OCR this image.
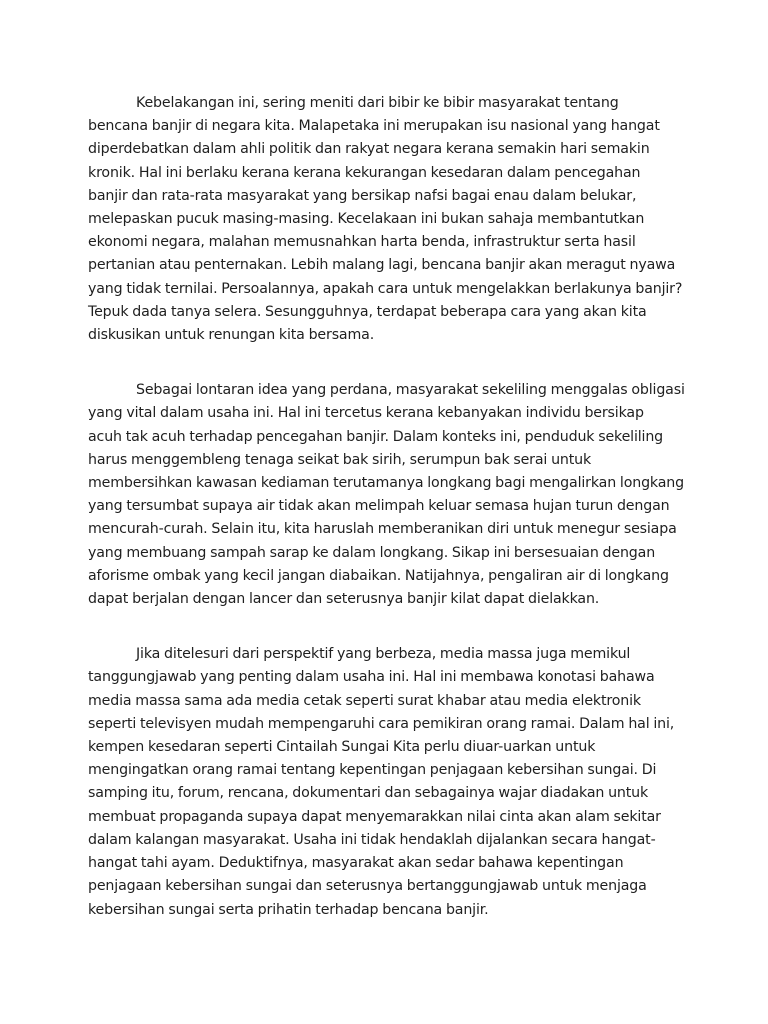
Kebelakangan ini, sering meniti dari bibir ke bibir masyarakat tentang
bencana banjir di negara kita. Malapetaka ini merupakan isu nasional yang hangat
diperdebatkan dalam ahli politik dan rakyat negara kerana semakin hari semakin
kronik. Hal ini berlaku kerana kerana kekurangan kesedaran dalam pencegahan
banjir dan rata-rata masyarakat yang bersikap nafsi bagai enau dalam belukar,
melepaskan pucuk masing-masing. Kecelakaan ini bukan sahaja membantutkan
ekonomi negara, malahan memusnahkan harta benda, infrastruktur serta hasil
pertanian atau penternakan. Lebih malang lagi, bencana banjir akan meragut nyawa
yang tidak ternilai. Persoalannya, apakah cara untuk mengelakkan berlakunya banjir?
Tepuk dada tanya selera. Sesungguhnya, terdapat beberapa cara yang akan kita
diskusikan untuk renungan kita bersama.

Sebagai lontaran idea yang perdana, masyarakat sekeliling menggalas obligasi
yang vital dalam usaha ini. Hal ini tercetus kerana kebanyakan individu bersikap
acuh tak acuh terhadap pencegahan banjir. Dalam konteks ini, penduduk sekeliling
harus menggembleng tenaga seikat bak sirih, serumpun bak serai untuk
membersihkan kawasan kediaman terutamanya longkang bagi mengalirkan longkang
yang tersumbat supaya air tidak akan melimpah keluar semasa hujan turun dengan
mencurah-curah. Selain itu, kita haruslah memberanikan diri untuk menegur sesiapa
yang membuang sampah sarap ke dalam longkang. Sikap ini bersesuaian dengan
aforisme ombak yang kecil jangan diabaikan. Natijahnya, pengaliran air di longkang
dapat berjalan dengan lancer dan seterusnya banjir kilat dapat dielakkan.

Jika ditelesuri dari perspektif yang berbeza, media massa juga memikul
tanggungjawab yang penting dalam usaha ini. Hal ini membawa konotasi bahawa
media massa sama ada media cetak seperti surat khabar atau media elektronik
seperti televisyen mudah mempengaruhi cara pemikiran orang ramai. Dalam hal ini,
kempen kesedaran seperti Cintailah Sungai Kita perlu diuar-uarkan untuk
mengingatkan orang ramai tentang kepentingan penjagaan kebersihan sungai. Di
samping itu, forum, rencana, dokumentari dan sebagainya wajar diadakan untuk
membuat propaganda supaya dapat menyemarakkan nilai cinta akan alam sekitar
dalam kalangan masyarakat. Usaha ini tidak hendaklah dijalankan secara hangat-
hangat tahi ayam. Deduktifnya, masyarakat akan sedar bahawa kepentingan
penjagaan kebersihan sungai dan seterusnya bertanggungjawab untuk menjaga
kebersihan sungai serta prihatin terhadap bencana banjir.
